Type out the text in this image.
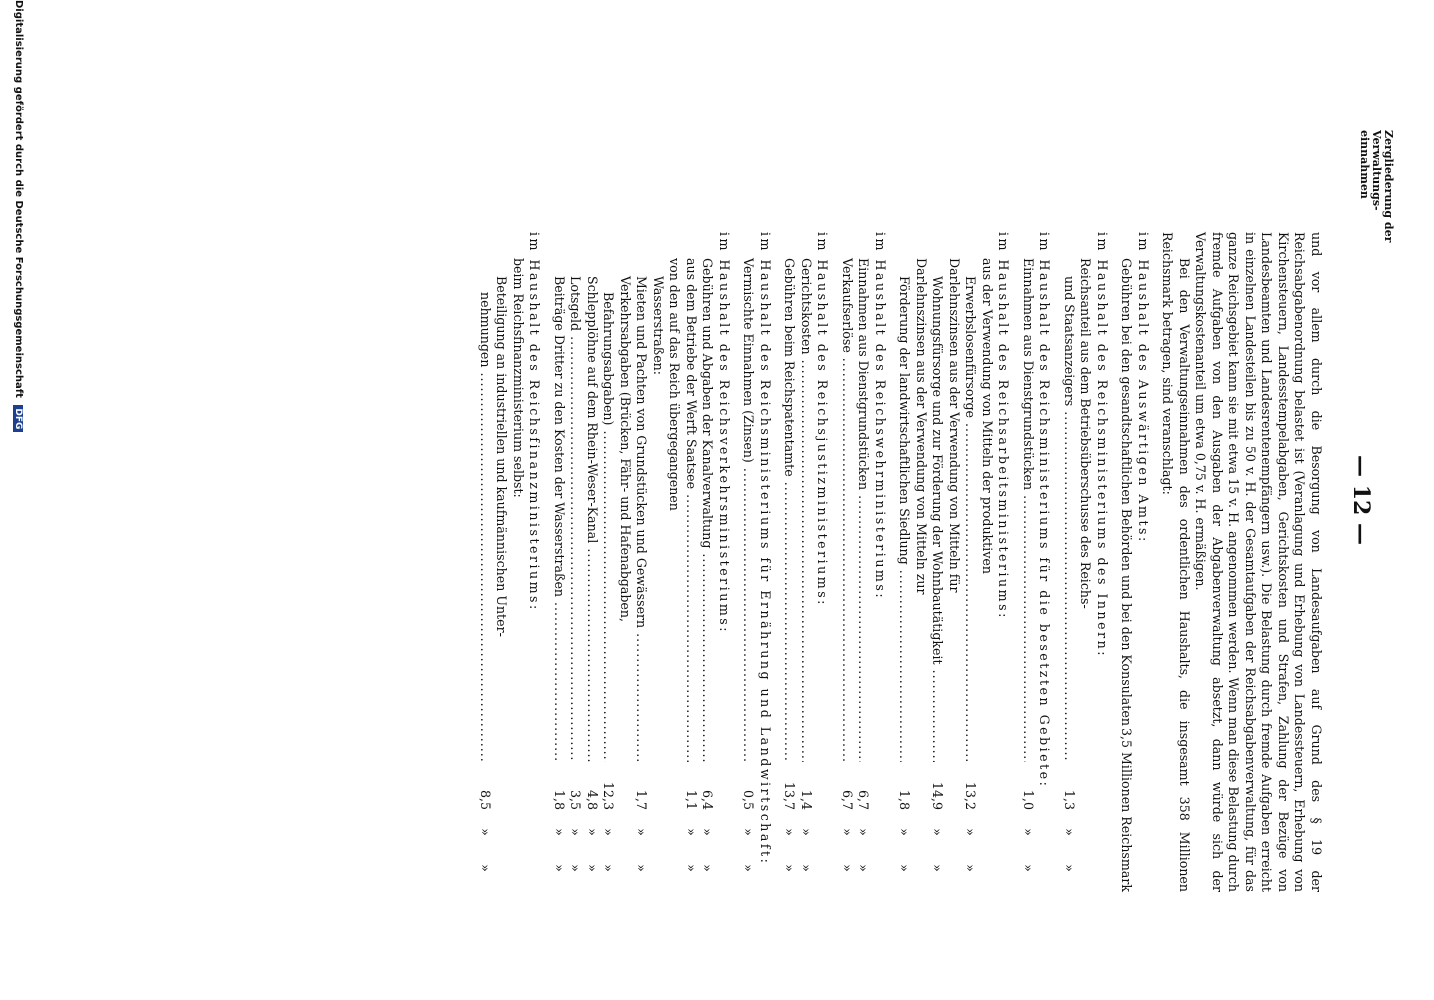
— 12 —
Zergliederung der
Verwaltungs-
einnahmen

und vor allem durch die Besorgung von Landesaufgaben auf Grund des § 19 der Reichsabgabenordnung belastet ist (Veranlagung und Erhebung von Landessteuern, Erhebung von Kirchensteuern, Landesstempelabgaben, Gerichtskosten und Strafen, Zahlung der Bezüge von Landesbeamten und Landesrentenempfängern usw.). Die Belastung durch fremde Aufgaben erreicht in einzelnen Landesteilen bis zu 50 v. H. der Gesamtaufgaben der Reichsabgabenverwaltung, für das ganze Reichsgebiet kann sie mit etwa 15 v. H. angenommen werden. Wenn man diese Belastung durch fremde Aufgaben von den Ausgaben der Abgabenverwaltung absetzt, dann würde sich der Verwaltungskostenanteil um etwa 0,75 v. H. ermäßigen.

Bei den Verwaltungseinnahmen des ordentlichen Haushalts, die insgesamt 358 Millionen Reichsmark betragen, sind veranschlagt:

im Haushalt des Auswärtigen Amts:
Gebühren bei den gesandtschaftlichen Behörden und bei den Konsulaten
3,5 Millionen Reichsmark
im Haushalt des Reichsministeriums des Innern:
Reichsanteil aus dem Betriebsüberschusse des Reichs-
und Staatsanzeigers .....
1,3
»
»
im Haushalt des Reichsministeriums für die besetzten Gebiete:
Einnahmen aus Dienstgrundstücken .....
1,0
»
»
im Haushalt des Reichsarbeitsministeriums:
aus der Verwendung von Mitteln der produktiven
Erwerbslosenfürsorge .....
13,2
»
»
Darlehnszinsen aus der Verwendung von Mitteln für
Wohnungsfürsorge und zur Förderung der Wohnbautätigkeit .....
14,9
»
»
Darlehnszinsen aus der Verwendung von Mitteln zur
Förderung der landwirtschaftlichen Siedlung .....
1,8
»
»
im Haushalt des Reichswehrministeriums:
Einnahmen aus Dienstgrundstücken .....
6,7
»
»
Verkaufserlöse .....
6,7
»
»
im Haushalt des Reichsjustizministeriums:
Gerichtskosten .....
1,4
»
»
Gebühren beim Reichspatentamte .....
13,7
»
»
im Haushalt des Reichsministeriums für Ernährung und Landwirtschaft:
Vermischte Einnahmen (Zinsen) .....
0,5
»
»
im Haushalt des Reichsverkehrsministeriums:
Gebühren und Abgaben der Kanalverwaltung .....
6,4
»
»
aus dem Betriebe der Werft Saatsee .....
1,1
»
»
von den auf das Reich übergegangenen
Wasserstraßen:
Mieten und Pachten von Grundstücken und Gewässern .....
1,7
»
»
Verkehrsabgaben (Brücken, Fähr- und Hafenabgaben,
Befahrungsabgaben) .....
12,3
»
»
Schlepplöhne auf dem Rhein-Weser-Kanal .....
4,8
»
»
Lotsgeld .....
3,5
»
»
Beiträge Dritter zu den Kosten der Wasserstraßen .....
1,8
»
»
im Haushalt des Reichsfinanzministeriums:
beim Reichsfinanzministerium selbst:
Beteiligung an industriellen und kaufmännischen Unter-
nehmungen .....
8,5
»
»
Digitalisierung gefördert durch die Deutsche Forschungsgemeinschaft DFG
